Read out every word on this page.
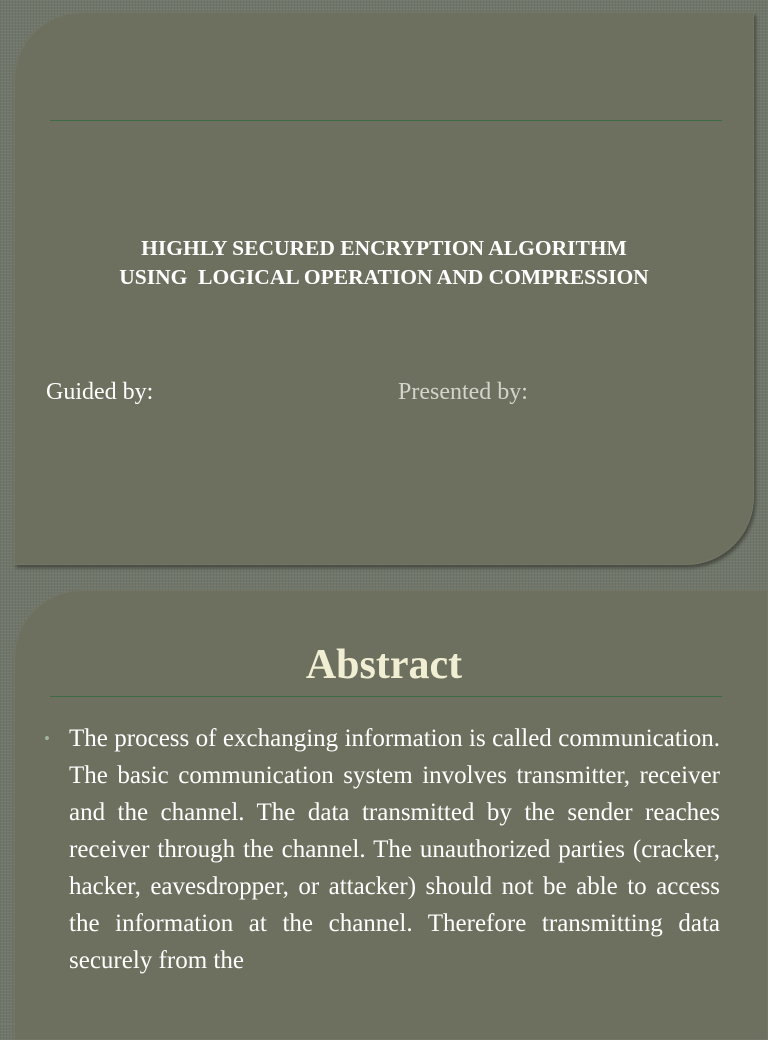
HIGHLY SECURED ENCRYPTION ALGORITHM
USING  LOGICAL OPERATION AND COMPRESSION
Guided by:	Presented by:
Abstract
• The process of exchanging information is called communication. The basic communication system involves transmitter, receiver and the channel. The data transmitted by the sender reaches receiver through the channel. The unauthorized parties (cracker, hacker, eavesdropper, or attacker) should not be able to access the information at the channel. Therefore transmitting data securely from the
